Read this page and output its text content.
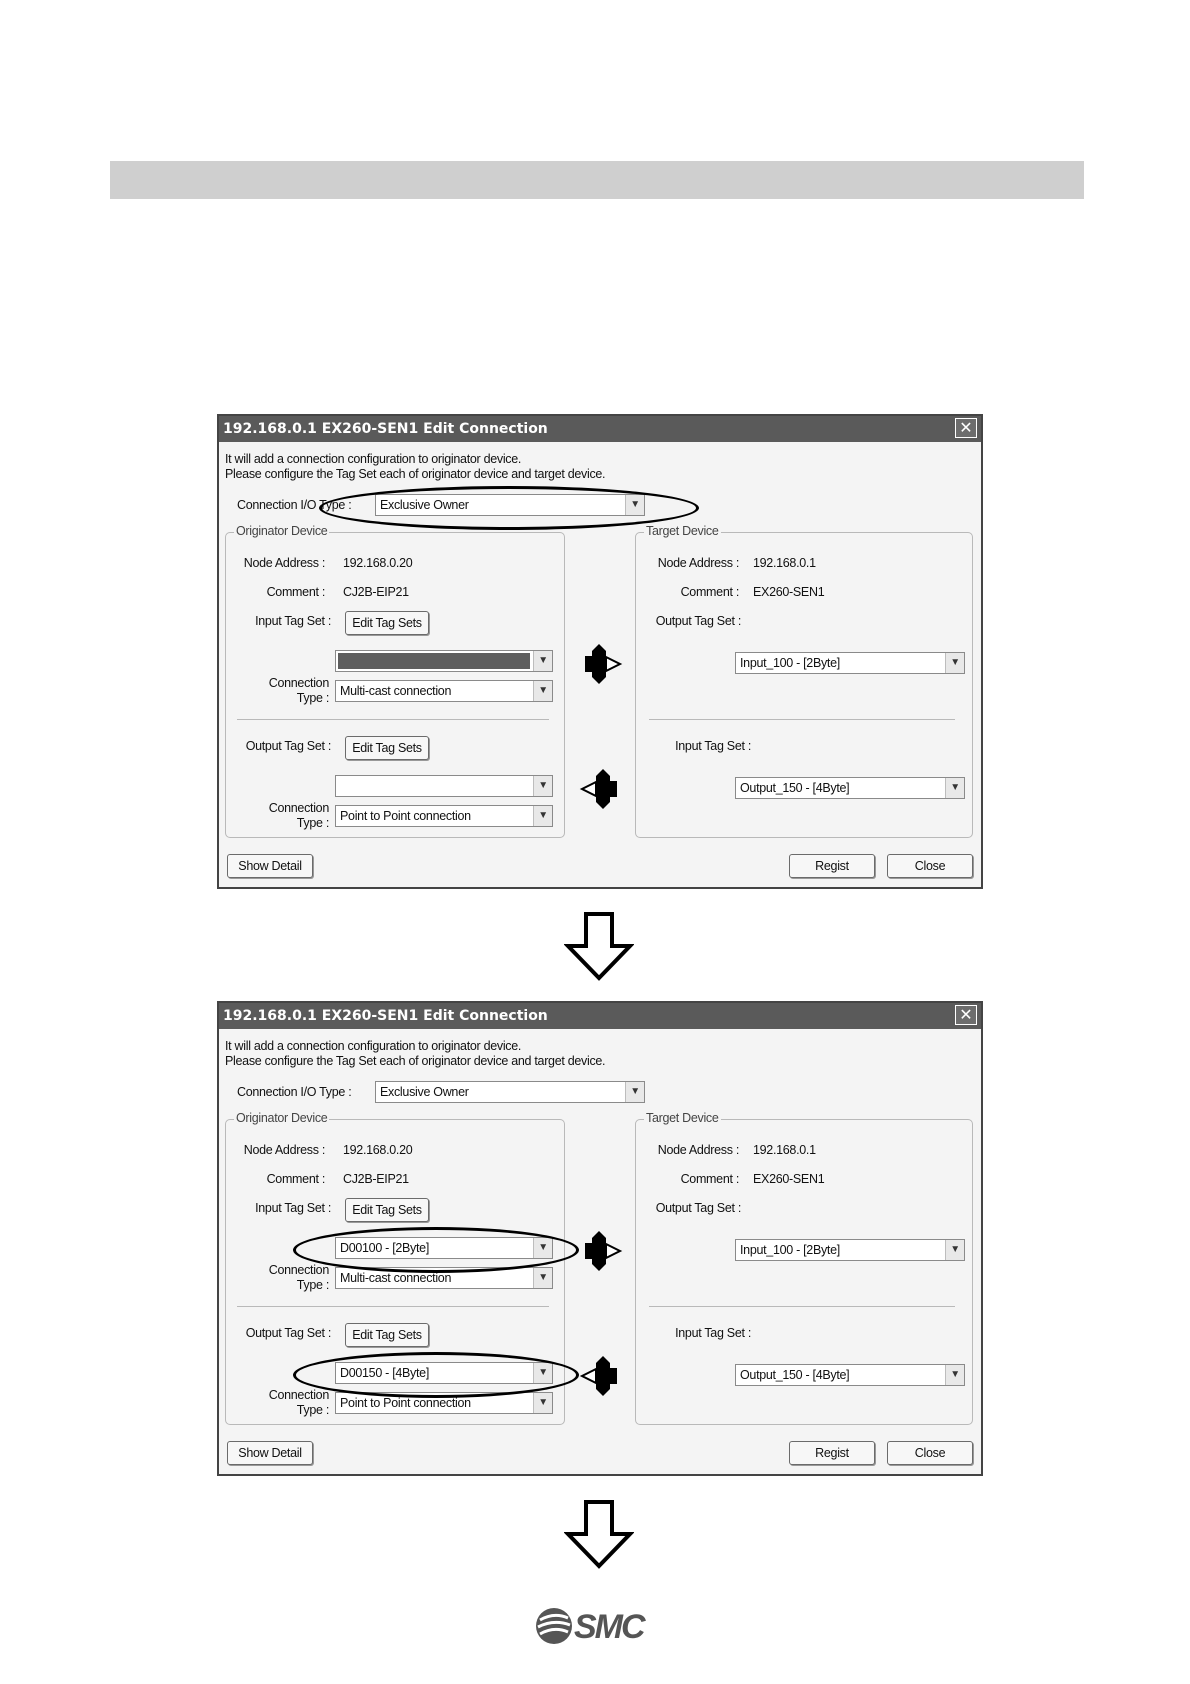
192.168.0.1 EX260-SEN1 Edit Connection	✕
It will add a connection configuration to originator device.
Please configure the Tag Set each of originator device and target device.
Connection I/O Type :	Exclusive Owner	▼
Originator Device
Node Address : 192.168.0.20
Comment : CJ2B-EIP21
Input Tag Set :	Edit Tag Sets
▼
Connection
Type : Multi-cast connection	▼
Output Tag Set :	Edit Tag Sets
▼
Connection
Type : Point to Point connection	▼
Target Device
Node Address : 192.168.0.1
Comment : EX260-SEN1
Output Tag Set :
Input_100 - [2Byte]	▼
Input Tag Set :
Output_150 - [4Byte]	▼
Show Detail	Regist	Close
192.168.0.1 EX260-SEN1 Edit Connection	✕
It will add a connection configuration to originator device.
Please configure the Tag Set each of originator device and target device.
Connection I/O Type :	Exclusive Owner	▼
Originator Device
Node Address : 192.168.0.20
Comment : CJ2B-EIP21
Input Tag Set :	Edit Tag Sets
D00100 - [2Byte]	▼
Connection
Type : Multi-cast connection	▼
Output Tag Set :	Edit Tag Sets
D00150 - [4Byte]	▼
Connection
Type : Point to Point connection	▼
Target Device
Node Address : 192.168.0.1
Comment : EX260-SEN1
Output Tag Set :
Input_100 - [2Byte]	▼
Input Tag Set :
Output_150 - [4Byte]	▼
Show Detail	Regist	Close
SMC
